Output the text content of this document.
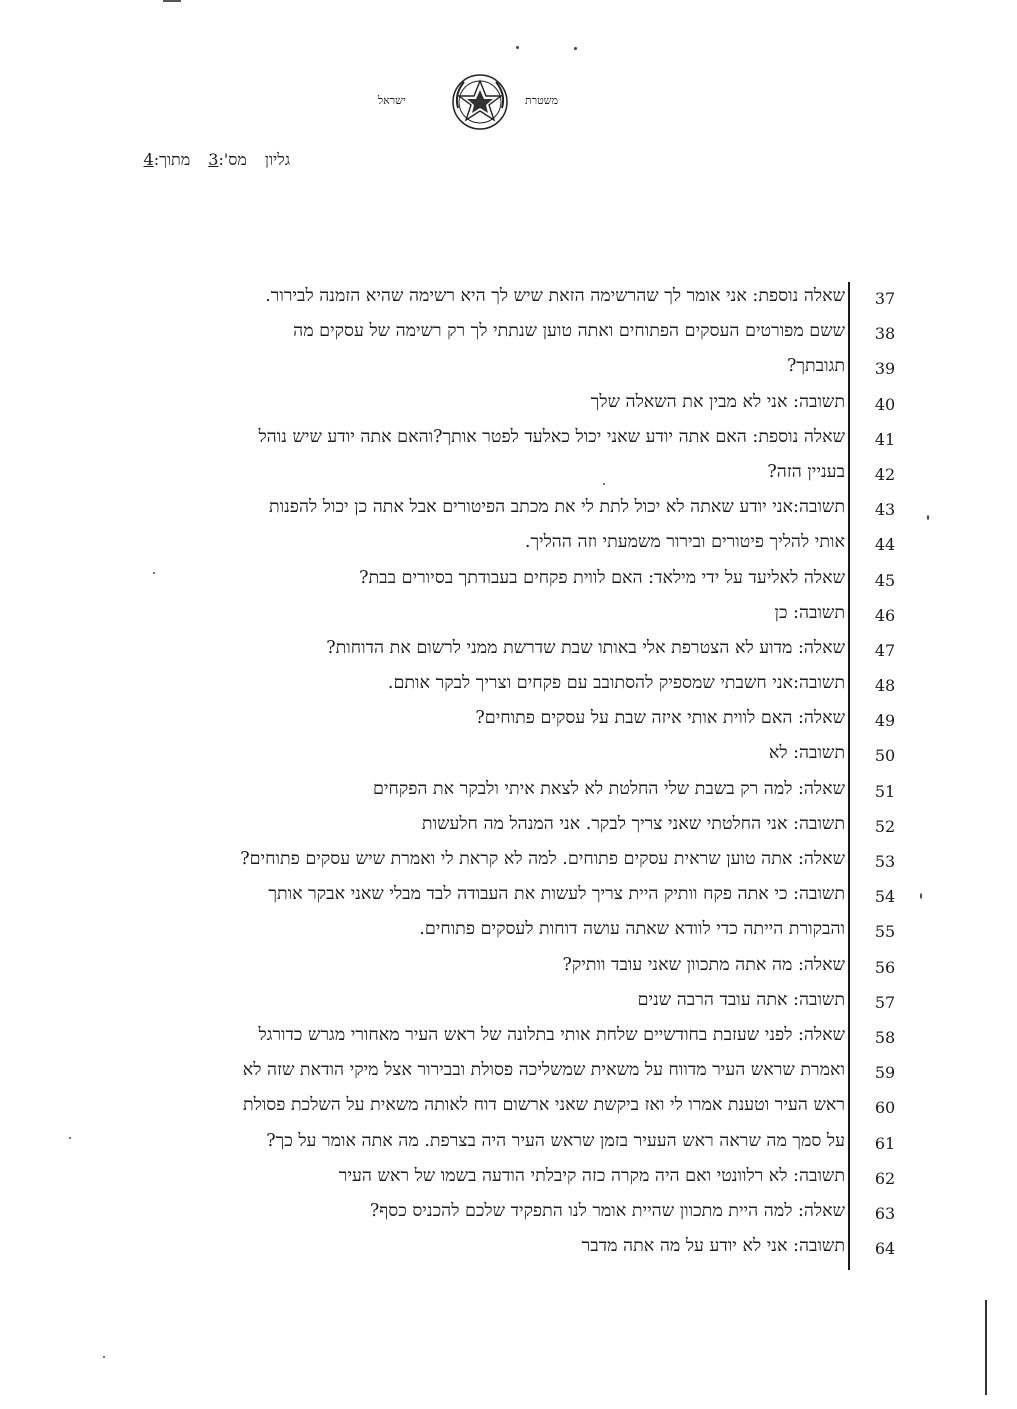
ישראל	משטרת
גליון
מס':3
מתוך:4
37
שאלה נוספת: אני אומר לך שהרשימה הזאת שיש לך היא רשימה שהיא הזמנה לבירור.
38
ששם מפורטים העסקים הפתוחים ואתה טוען שנתתי לך רק רשימה של עסקים מה
39
תגובתך?
40
תשובה: אני לא מבין את השאלה שלך
41
שאלה נוספת: האם אתה יודע שאני יכול כאלעד לפטר אותך?והאם אתה יודע שיש נוהל
42
בעניין הזה?
43
תשובה:אני יודע שאתה לא יכול לתת לי את מכתב הפיטורים אבל אתה כן יכול להפנות
44
אותי להליך פיטורים ובירור משמעתי וזה ההליך.
45
שאלה לאליעד על ידי מילאד: האם לווית פקחים בעבודתך בסיורים בבת?
46
תשובה: כן
47
שאלה: מדוע לא הצטרפת אלי באותו שבת שדרשת ממני לרשום את הדוחות?
48
תשובה:אני חשבתי שמספיק להסתובב עם פקחים וצריך לבקר אותם.
49
שאלה: האם לווית אותי איזה שבת על עסקים פתוחים?
50
תשובה: לא
51
שאלה: למה רק בשבת שלי החלטת לא לצאת איתי ולבקר את הפקחים
52
תשובה: אני החלטתי שאני צריך לבקר. אני המנהל מה חלעשות
53
שאלה: אתה טוען שראית עסקים פתוחים. למה לא קראת לי ואמרת שיש עסקים פתוחים?
54
תשובה: כי אתה פקח וותיק היית צריך לעשות את העבודה לבד מבלי שאני אבקר אותך
55
והבקורת הייתה כדי לוודא שאתה עושה דוחות לעסקים פתוחים.
56
שאלה: מה אתה מתכוון שאני עובד וותיק?
57
תשובה: אתה עובד הרבה שנים
58
שאלה: לפני שעזבת בחודשיים שלחת אותי בתלונה של ראש העיר מאחורי מגרש כדורגל
59
ואמרת שראש העיר מדווח על משאית שמשליכה פסולת ובבירור אצל מיקי הודאת שזה לא
60
ראש העיר וטענת אמרו לי ואז ביקשת שאני ארשום דוח לאותה משאית על השלכת פסולת
61
על סמך מה שראה ראש העעיר בזמן שראש העיר היה בצרפת. מה אתה אומר על כך?
62
תשובה: לא רלוונטי ואם היה מקרה כזה קיבלתי הודעה בשמו של ראש העיר
63
שאלה: למה היית מתכוון שהיית אומר לנו התפקיד שלכם להכניס כסף?
64
תשובה: אני לא יודע על מה אתה מדבר
